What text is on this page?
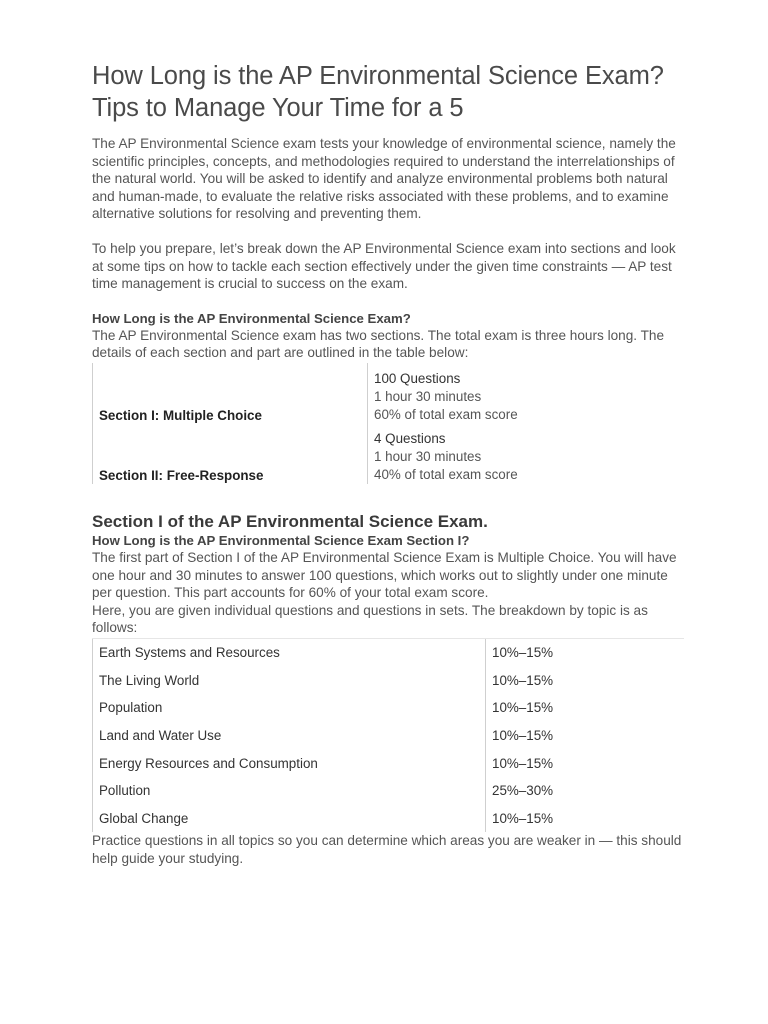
How Long is the AP Environmental Science Exam? Tips to Manage Your Time for a 5

The AP Environmental Science exam tests your knowledge of environmental science, namely the scientific principles, concepts, and methodologies required to understand the interrelationships of the natural world. You will be asked to identify and analyze environmental problems both natural and human-made, to evaluate the relative risks associated with these problems, and to examine alternative solutions for resolving and preventing them.

To help you prepare, let’s break down the AP Environmental Science exam into sections and look at some tips on how to tackle each section effectively under the given time constraints — AP test time management is crucial to success on the exam.

How Long is the AP Environmental Science Exam?

The AP Environmental Science exam has two sections. The total exam is three hours long. The details of each section and part are outlined in the table below:

Section I: Multiple Choice	100 Questions
1 hour 30 minutes
60% of total exam score

Section II: Free-Response	4 Questions
1 hour 30 minutes
40% of total exam score
Section I of the AP Environmental Science Exam.
How Long is the AP Environmental Science Exam Section I?

The first part of Section I of the AP Environmental Science Exam is Multiple Choice. You will have one hour and 30 minutes to answer 100 questions, which works out to slightly under one minute per question. This part accounts for 60% of your total exam score.

Here, you are given individual questions and questions in sets. The breakdown by topic is as follows:

Earth Systems and Resources	10%–15%
The Living World	10%–15%
Population	10%–15%
Land and Water Use	10%–15%
Energy Resources and Consumption	10%–15%
Pollution	25%–30%
Global Change	10%–15%

Practice questions in all topics so you can determine which areas you are weaker in — this should help guide your studying.
